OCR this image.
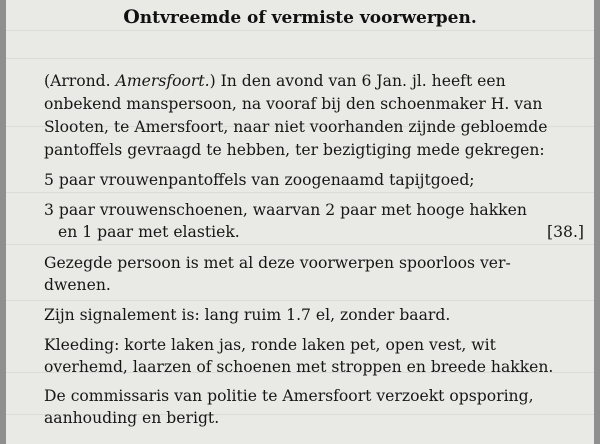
Ontvreemde of vermiste voorwerpen.
(Arrond. Amersfoort.) In den avond van 6 Jan. jl. heeft een
onbekend manspersoon, na vooraf bij den schoenmaker H. van
Slooten, te Amersfoort, naar niet voorhanden zijnde gebloemde
pantoffels gevraagd te hebben, ter bezigtiging mede gekregen:
5 paar vrouwenpantoffels van zoogenaamd tapijtgoed;
3 paar vrouwenschoenen, waarvan 2 paar met hooge hakken
en 1 paar met elastiek.	[38.]
Gezegde persoon is met al deze voorwerpen spoorloos ver-
dwenen.
Zijn signalement is: lang ruim 1.7 el, zonder baard.
Kleeding: korte laken jas, ronde laken pet, open vest, wit
overhemd, laarzen of schoenen met stroppen en breede hakken.
De commissaris van politie te Amersfoort verzoekt opsporing,
aanhouding en berigt.
